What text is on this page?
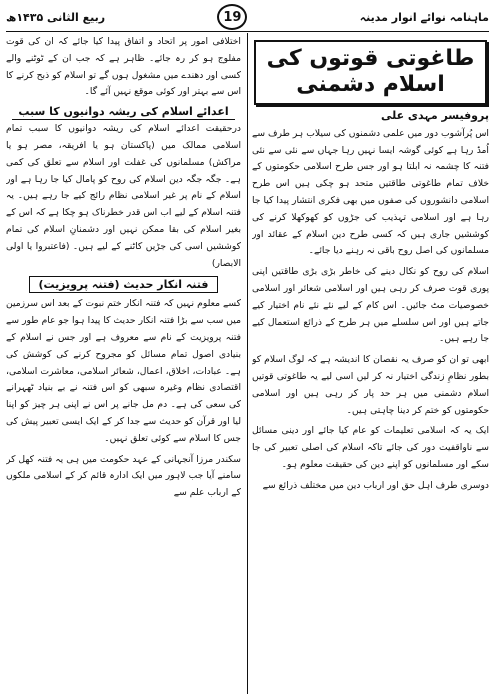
ماہنامہ نوائے انوار مدینہ
19
ربیع الثانی ۱۴۳۵ھ
طاغوتی قوتوں کی اسلام دشمنی
پروفیسر مہدی علی

اس پُرآشوب دور میں علمی دشمنوں کی سیلاب ہر طرف سے اُمڈ رہا ہے کوئی گوشہ ایسا نہیں رہا جہاں سے نئی سے نئی فتنہ کا چشمہ نہ ابلتا ہو اور جس طرح اسلامی حکومتوں کے خلاف تمام طاغوتی طاقتیں متحد ہو چکی ہیں اس طرح اسلامی دانشوروں کی صفوں میں بھی فکری انتشار پیدا کیا جا رہا ہے اور اسلامی تہذیب کی جڑوں کو کھوکھلا کرنے کی کوششیں جاری ہیں کہ کسی طرح دین اسلام کے عقائد اور مسلمانوں کی اصل روح باقی نہ رہنے دیا جائے۔

اسلام کی روح کو نکال دینے کی خاطر بڑی بڑی طاقتیں اپنی پوری قوت صرف کر رہی ہیں اور اسلامی شعائر اور اسلامی خصوصیات مٹ جائیں۔ اس کام کے لیے نئے نئے نام اختیار کیے جاتے ہیں اور اس سلسلے میں ہر طرح کے ذرائع استعمال کیے جا رہے ہیں۔

ابھی تو ان کو صرف یہ نقصان کا اندیشہ ہے کہ لوگ اسلام کو بطور نظامِ زندگی اختیار نہ کر لیں اسی لیے یہ طاغوتی قوتیں اسلام دشمنی میں ہر حد پار کر رہی ہیں اور اسلامی حکومتوں کو ختم کر دینا چاہتی ہیں۔

ایک یہ کہ اسلامی تعلیمات کو عام کیا جائے اور دینی مسائل سے ناواقفیت دور کی جائے تاکہ اسلام کی اصلی تعبیر کی جا سکے اور مسلمانوں کو اپنے دین کی حقیقت معلوم ہو۔

دوسری طرف اہل حق اور ارباب دین میں مختلف ذرائع سے

اختلافی امور پر اتحاد و اتفاق پیدا کیا جائے کہ ان کی قوت مفلوج ہو کر رہ جائے۔ ظاہر ہے کہ جب ان کے ٹوٹنے والے کسی اور دھندے میں مشغول ہوں گے تو اسلام کو ذبح کرنے کا اس سے بہتر اور کوئی موقع نہیں آئے گا۔

اعدائے اسلام کی ریشہ دوانیوں کا سبب

درحقیقت اعدائے اسلام کی ریشہ دوانیوں کا سبب تمام اسلامی ممالک میں (پاکستان ہو یا افریقہ، مصر ہو یا مراکش) مسلمانوں کی غفلت اور اسلام سے تعلق کی کمی ہے۔ جگہ جگہ دین اسلام کی روح کو پامال کیا جا رہا ہے اور اسلام کے نام پر غیر اسلامی نظام رائج کیے جا رہے ہیں۔ یہ فتنہ اسلام کے لیے اب اس قدر خطرناک ہو چکا ہے کہ اس کے بغیر اسلام کی بقا ممکن نہیں اور دشمنانِ اسلام کی تمام کوششیں اسی کی جڑیں کاٹنے کے لیے ہیں۔ (فاعتبروا یا اولی الابصار)

فتنہ انکار حدیث (فتنہ پرویزیت)

کسے معلوم نہیں کہ فتنہ انکار ختم نبوت کے بعد اس سرزمین میں سب سے بڑا فتنہ انکار حدیث کا پیدا ہوا جو عام طور سے فتنہ پرویزیت کے نام سے معروف ہے اور جس نے اسلام کے بنیادی اصول تمام مسائل کو مجروح کرنے کی کوشش کی ہے۔ عبادات، اخلاق، اعمال، شعائر اسلامی، معاشرت اسلامی، اقتصادی نظام وغیرہ سبھی کو اس فتنہ نے بے بنیاد ٹھہرانے کی سعی کی ہے۔ دم مل جانے پر اس نے اپنی ہر چیز کو اپنا لیا اور قرآن کو حدیث سے جدا کر کے ایک ایسی تعبیر پیش کی جس کا اسلام سے کوئی تعلق نہیں۔

سکندر مرزا آنجہانی کے عہد حکومت میں ہی یہ فتنہ کھل کر سامنے آیا جب لاہور میں ایک ادارہ قائم کر کے اسلامی ملکوں کے ارباب علم سے
